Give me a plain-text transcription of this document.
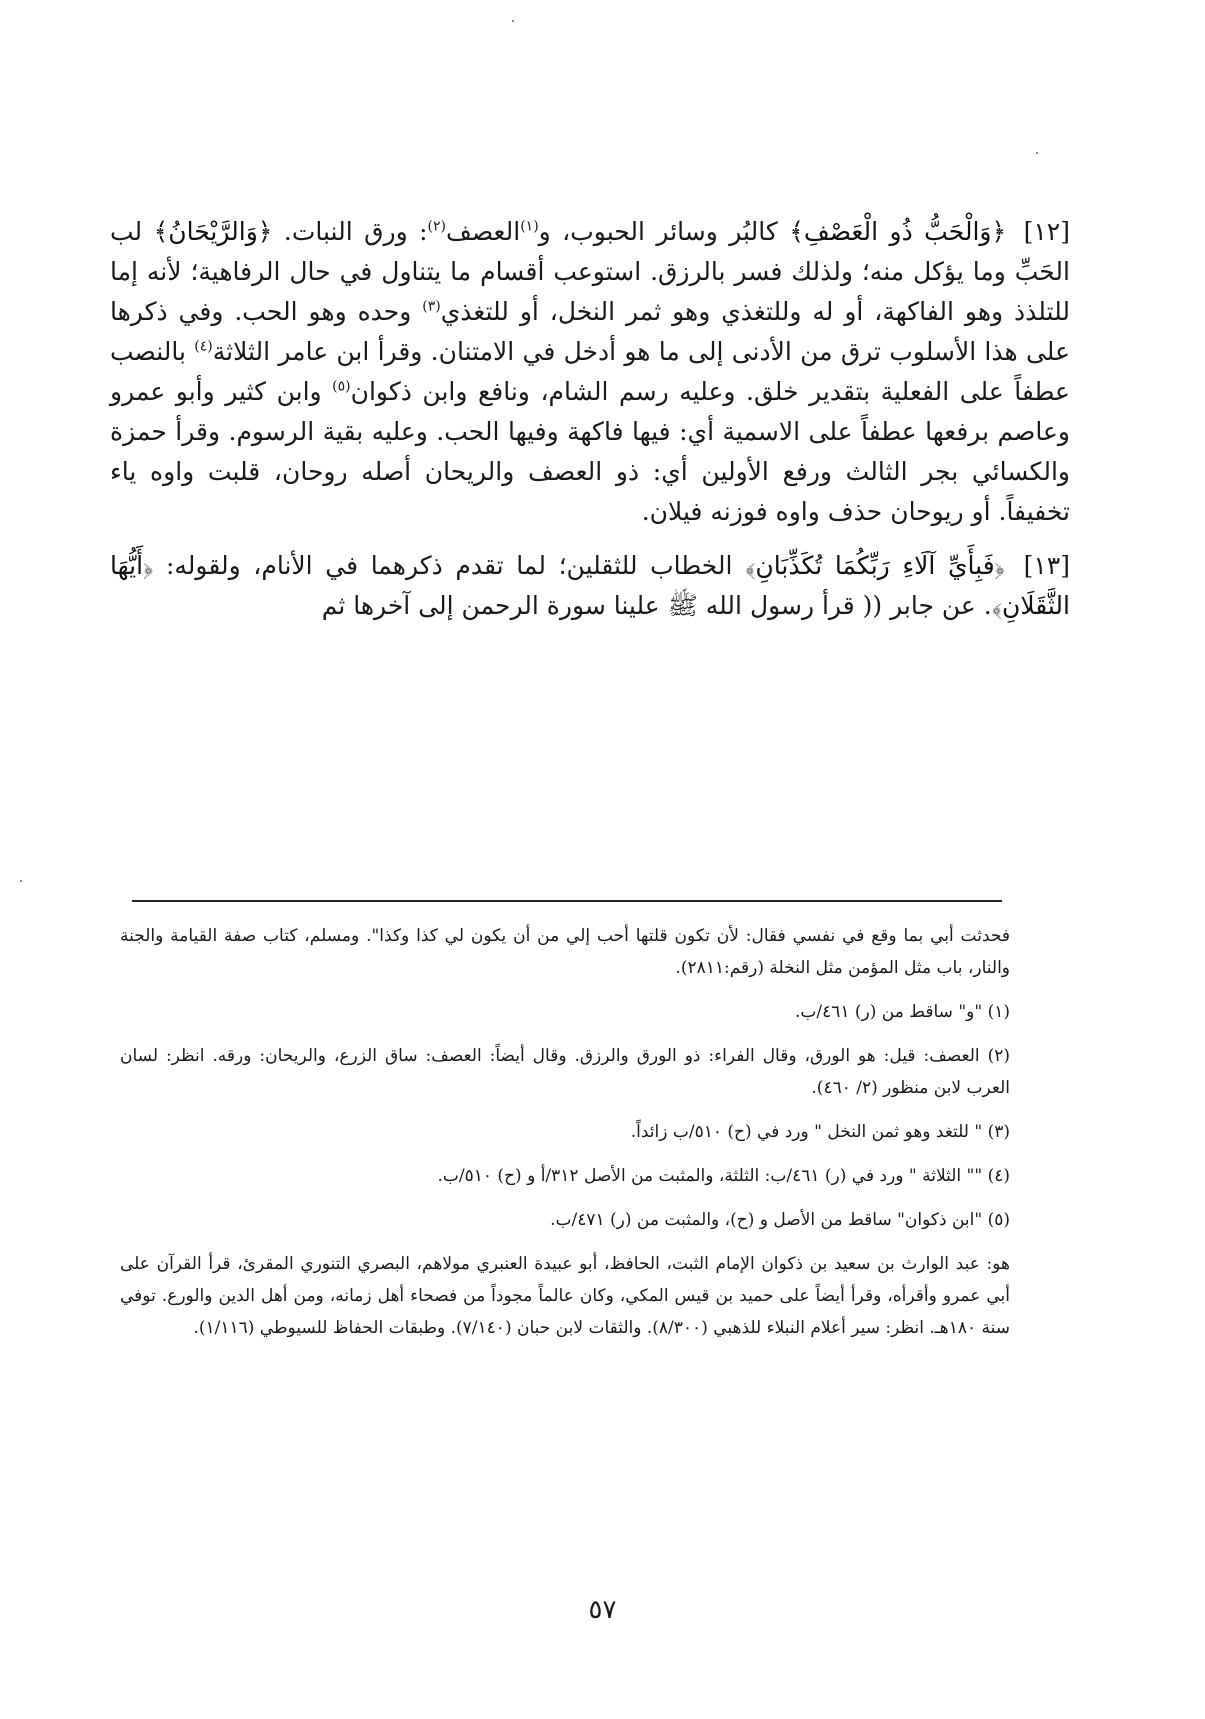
[١٢] ﴿وَالْحَبُّ ذُو الْعَصْفِ﴾ كالبُر وسائر الحبوب، و$^{(١)}$العصف$^{(٢)}$: ورق النبات. ﴿وَالرَّيْحَانُ﴾ لب الحَبِّ وما يؤكل منه؛ ولذلك فسر بالرزق. استوعب أقسام ما يتناول في حال الرفاهية؛ لأنه إما للتلذذ وهو الفاكهة، أو له وللتغذي وهو ثمر النخل، أو للتغذي$^{(٣)}$ وحده وهو الحب. وفي ذكرها على هذا الأسلوب ترق من الأدنى إلى ما هو أدخل في الامتنان. وقرأ ابن عامر الثلاثة$^{(٤)}$ بالنصب عطفاً على الفعلية بتقدير خلق. وعليه رسم الشام، ونافع وابن ذكوان$^{(٥)}$ وابن كثير وأبو عمرو وعاصم برفعها عطفاً على الاسمية أي: فيها فاكهة وفيها الحب. وعليه بقية الرسوم. وقرأ حمزة والكسائي بجر الثالث ورفع الأولين أي: ذو العصف والريحان أصله روحان، قلبت واوه ياء تخفيفاً. أو ريوحان حذف واوه فوزنه فيلان.

[١٣] ﴿فَبِأَيِّ آلَاءِ رَبِّكُمَا تُكَذِّبَانِ﴾ الخطاب للثقلين؛ لما تقدم ذكرهما في الأنام، ولقوله: ﴿أَيُّهَا الثَّقَلَانِ﴾. عن جابر (( قرأ رسول الله ﷺ علينا سورة الرحمن إلى آخرها ثم

فحدثت أبي بما وقع في نفسي فقال: لأن تكون قلتها أحب إلي من أن يكون لي كذا وكذا". ومسلم، كتاب صفة القيامة والجنة والنار، باب مثل المؤمن مثل النخلة (رقم:٢٨١١).

(١) "و" ساقط من (ر) ٤٦١/ب.

(٢) العصف: قيل: هو الورق، وقال الفراء: ذو الورق والرزق. وقال أيضاً: العصف: ساق الزرع، والريحان: ورقه. انظر: لسان العرب لابن منظور (٢/ ٤٦٠).

(٣) " للتغد وهو ثمن النخل " ورد في (ح) ٥١٠/ب زائداً.

(٤) "" الثلاثة " ورد في (ر) ٤٦١/ب: الثلثة، والمثبت من الأصل ٣١٢/أ و (ح) ٥١٠/ب.

(٥) "ابن ذكوان" ساقط من الأصل و (ح)، والمثبت من (ر) ٤٧١/ب.

هو: عبد الوارث بن سعيد بن ذكوان الإمام الثبت، الحافظ، أبو عبيدة العنبري مولاهم، البصري التنوري المقرئ، قرأ القرآن على أبي عمرو وأقرأه، وقرأ أيضاً على حميد بن قيس المكي، وكان عالماً مجوداً من فصحاء أهل زمانه، ومن أهل الدين والورع. توفي سنة ١٨٠هـ. انظر: سير أعلام النبلاء للذهبي (٨/٣٠٠). والثقات لابن حبان (٧/١٤٠). وطبقات الحفاظ للسيوطي (١/١١٦).

٥٧
